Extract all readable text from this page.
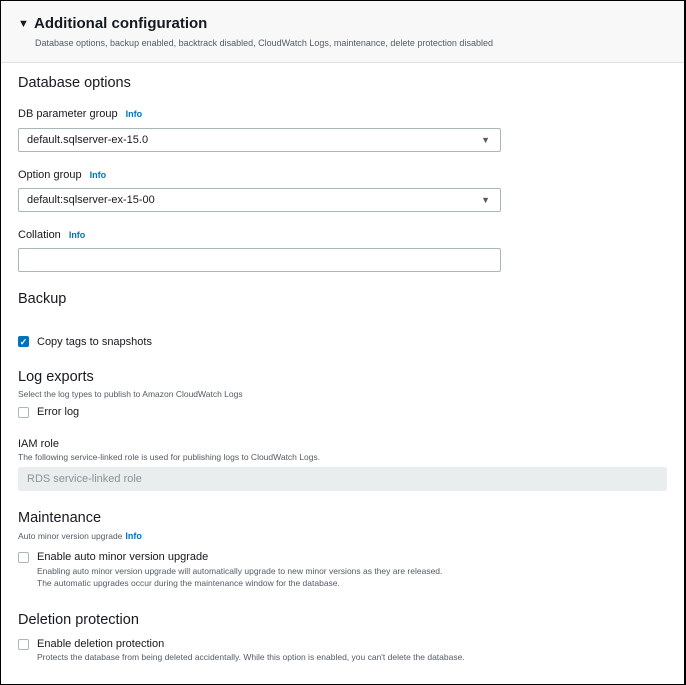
▼ Additional configuration
Database options, backup enabled, backtrack disabled, CloudWatch Logs, maintenance, delete protection disabled
Database options
DB parameter group Info
default.sqlserver-ex-15.0	▼
Option group Info
default:sqlserver-ex-15-00	▼
Collation Info
Backup
✓ Copy tags to snapshots
Log exports
Select the log types to publish to Amazon CloudWatch Logs
Error log
IAM role
The following service-linked role is used for publishing logs to CloudWatch Logs.
RDS service-linked role
Maintenance
Auto minor version upgrade Info
Enable auto minor version upgrade
Enabling auto minor version upgrade will automatically upgrade to new minor versions as they are released.
The automatic upgrades occur during the maintenance window for the database.
Deletion protection
Enable deletion protection
Protects the database from being deleted accidentally. While this option is enabled, you can't delete the database.
